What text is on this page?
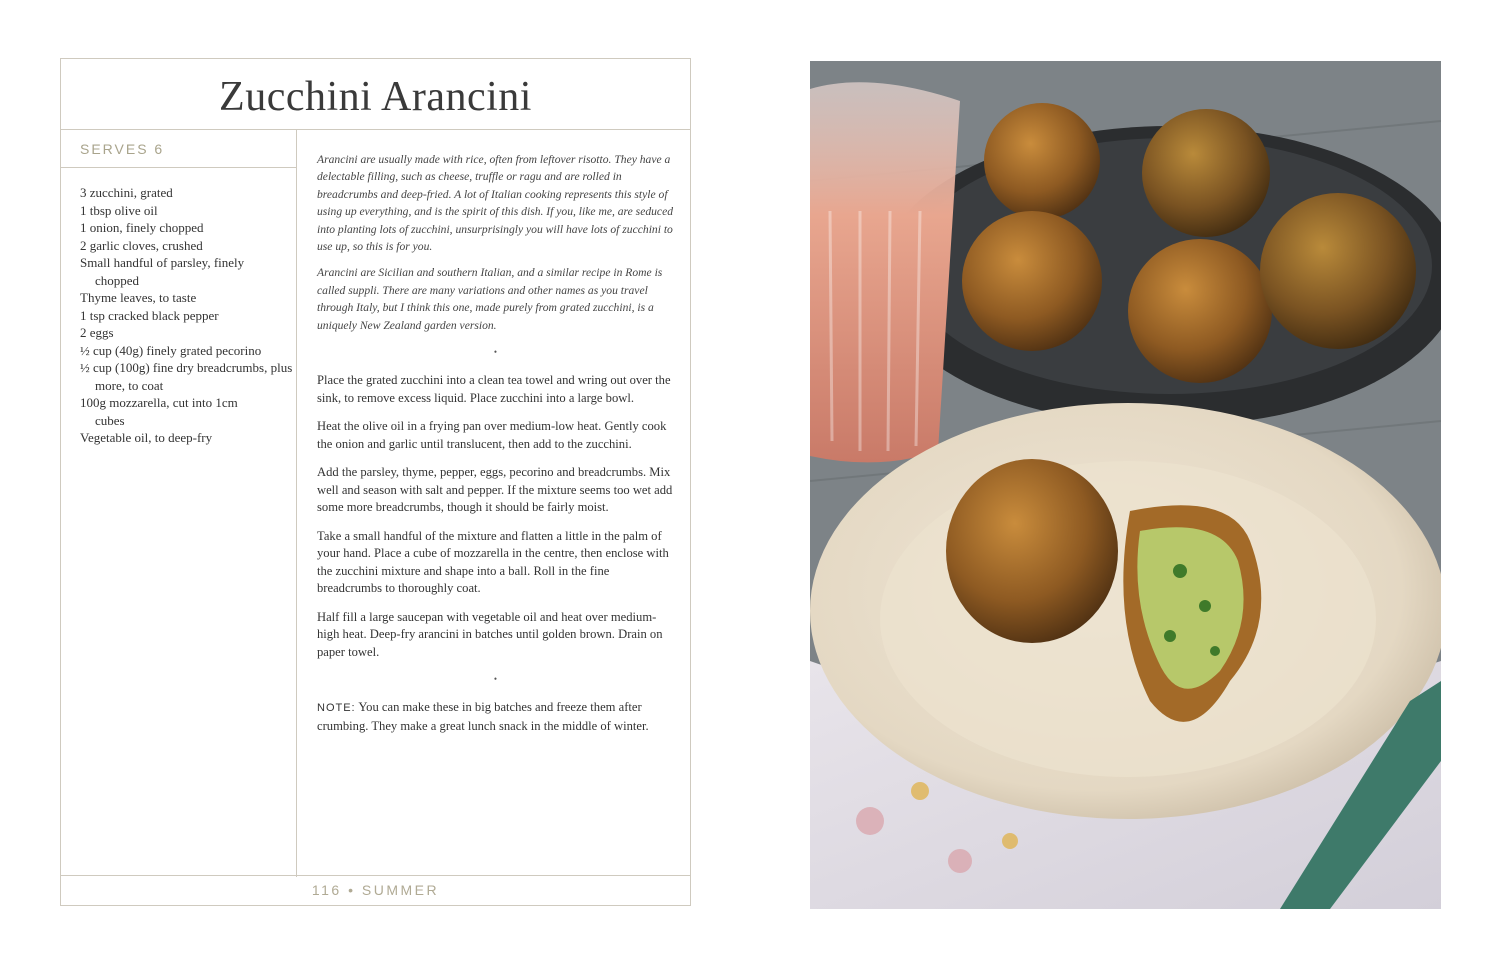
Zucchini Arancini
SERVES 6
3 zucchini, grated
1 tbsp olive oil
1 onion, finely chopped
2 garlic cloves, crushed
Small handful of parsley, finely chopped
Thyme leaves, to taste
1 tsp cracked black pepper
2 eggs
½ cup (40g) finely grated pecorino
½ cup (100g) fine dry breadcrumbs, plus more, to coat
100g mozzarella, cut into 1cm cubes
Vegetable oil, to deep-fry

Arancini are usually made with rice, often from leftover risotto. They have a delectable filling, such as cheese, truffle or ragu and are rolled in breadcrumbs and deep-fried. A lot of Italian cooking represents this style of using up everything, and is the spirit of this dish. If you, like me, are seduced into planting lots of zucchini, unsurprisingly you will have lots of zucchini to use up, so this is for you.

Arancini are Sicilian and southern Italian, and a similar recipe in Rome is called suppli. There are many variations and other names as you travel through Italy, but I think this one, made purely from grated zucchini, is a uniquely New Zealand garden version.

•

Place the grated zucchini into a clean tea towel and wring out over the sink, to remove excess liquid. Place zucchini into a large bowl.

Heat the olive oil in a frying pan over medium-low heat. Gently cook the onion and garlic until translucent, then add to the zucchini.

Add the parsley, thyme, pepper, eggs, pecorino and breadcrumbs. Mix well and season with salt and pepper. If the mixture seems too wet add some more breadcrumbs, though it should be fairly moist.

Take a small handful of the mixture and flatten a little in the palm of your hand. Place a cube of mozzarella in the centre, then enclose with the zucchini mixture and shape into a ball. Roll in the fine breadcrumbs to thoroughly coat.

Half fill a large saucepan with vegetable oil and heat over medium-high heat. Deep-fry arancini in batches until golden brown. Drain on paper towel.

•

NOTE: You can make these in big batches and freeze them after crumbing. They make a great lunch snack in the middle of winter.

116 • SUMMER
